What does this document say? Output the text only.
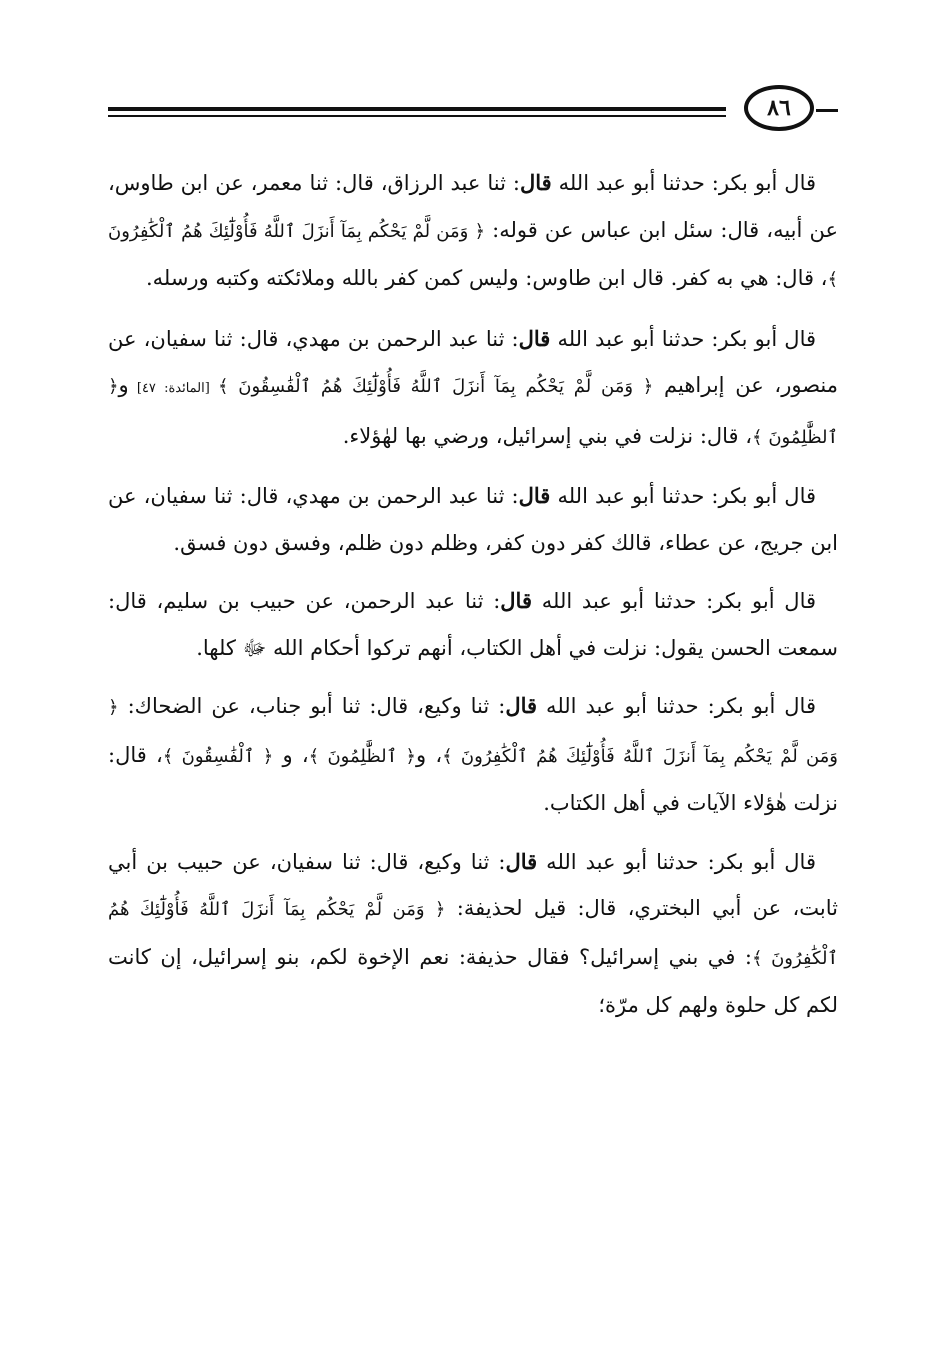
٨٦

قال أبو بكر: حدثنا أبو عبد الله قال: ثنا عبد الرزاق، قال: ثنا معمر، عن ابن طاوس، عن أبيه، قال: سئل ابن عباس عن قوله: ﴿ وَمَن لَّمْ يَحْكُم بِمَآ أَنزَلَ ٱللَّهُ فَأُوْلَٰٓئِكَ هُمُ ٱلْكَٰفِرُونَ ﴾، قال: هي به كفر. قال ابن طاوس: وليس كمن كفر بالله وملائكته وكتبه ورسله.

قال أبو بكر: حدثنا أبو عبد الله قال: ثنا عبد الرحمن بن مهدي، قال: ثنا سفيان، عن منصور، عن إبراهيم ﴿ وَمَن لَّمْ يَحْكُم بِمَآ أَنزَلَ ٱللَّهُ فَأُوْلَٰٓئِكَ هُمُ ٱلْفَٰسِقُونَ ﴾ [المائدة: ٤٧] و﴿ ٱلظَّٰلِمُونَ ﴾، قال: نزلت في بني إسرائيل، ورضي بها لهٰؤلاء.

قال أبو بكر: حدثنا أبو عبد الله قال: ثنا عبد الرحمن بن مهدي، قال: ثنا سفيان، عن ابن جريج، عن عطاء، قالك كفر دون كفر، وظلم دون ظلم، وفسق دون فسق.

قال أبو بكر: حدثنا أبو عبد الله قال: ثنا عبد الرحمن، عن حبيب بن سليم، قال: سمعت الحسن يقول: نزلت في أهل الكتاب، أنهم تركوا أحكام الله ﷻ كلها.

قال أبو بكر: حدثنا أبو عبد الله قال: ثنا وكيع، قال: ثنا أبو جناب، عن الضحاك: ﴿ وَمَن لَّمْ يَحْكُم بِمَآ أَنزَلَ ٱللَّهُ فَأُوْلَٰٓئِكَ هُمُ ٱلْكَٰفِرُونَ ﴾، و﴿ ٱلظَّٰلِمُونَ ﴾، و ﴿ ٱلْفَٰسِقُونَ ﴾، قال: نزلت هٰؤلاء الآيات في أهل الكتاب.

قال أبو بكر: حدثنا أبو عبد الله قال: ثنا وكيع، قال: ثنا سفيان، عن حبيب بن أبي ثابت، عن أبي البختري، قال: قيل لحذيفة: ﴿ وَمَن لَّمْ يَحْكُم بِمَآ أَنزَلَ ٱللَّهُ فَأُوْلَٰٓئِكَ هُمُ ٱلْكَٰفِرُونَ ﴾: في بني إسرائيل؟ فقال حذيفة: نعم الإخوة لكم، بنو إسرائيل، إن كانت لكم كل حلوة ولهم كل مرّة؛
